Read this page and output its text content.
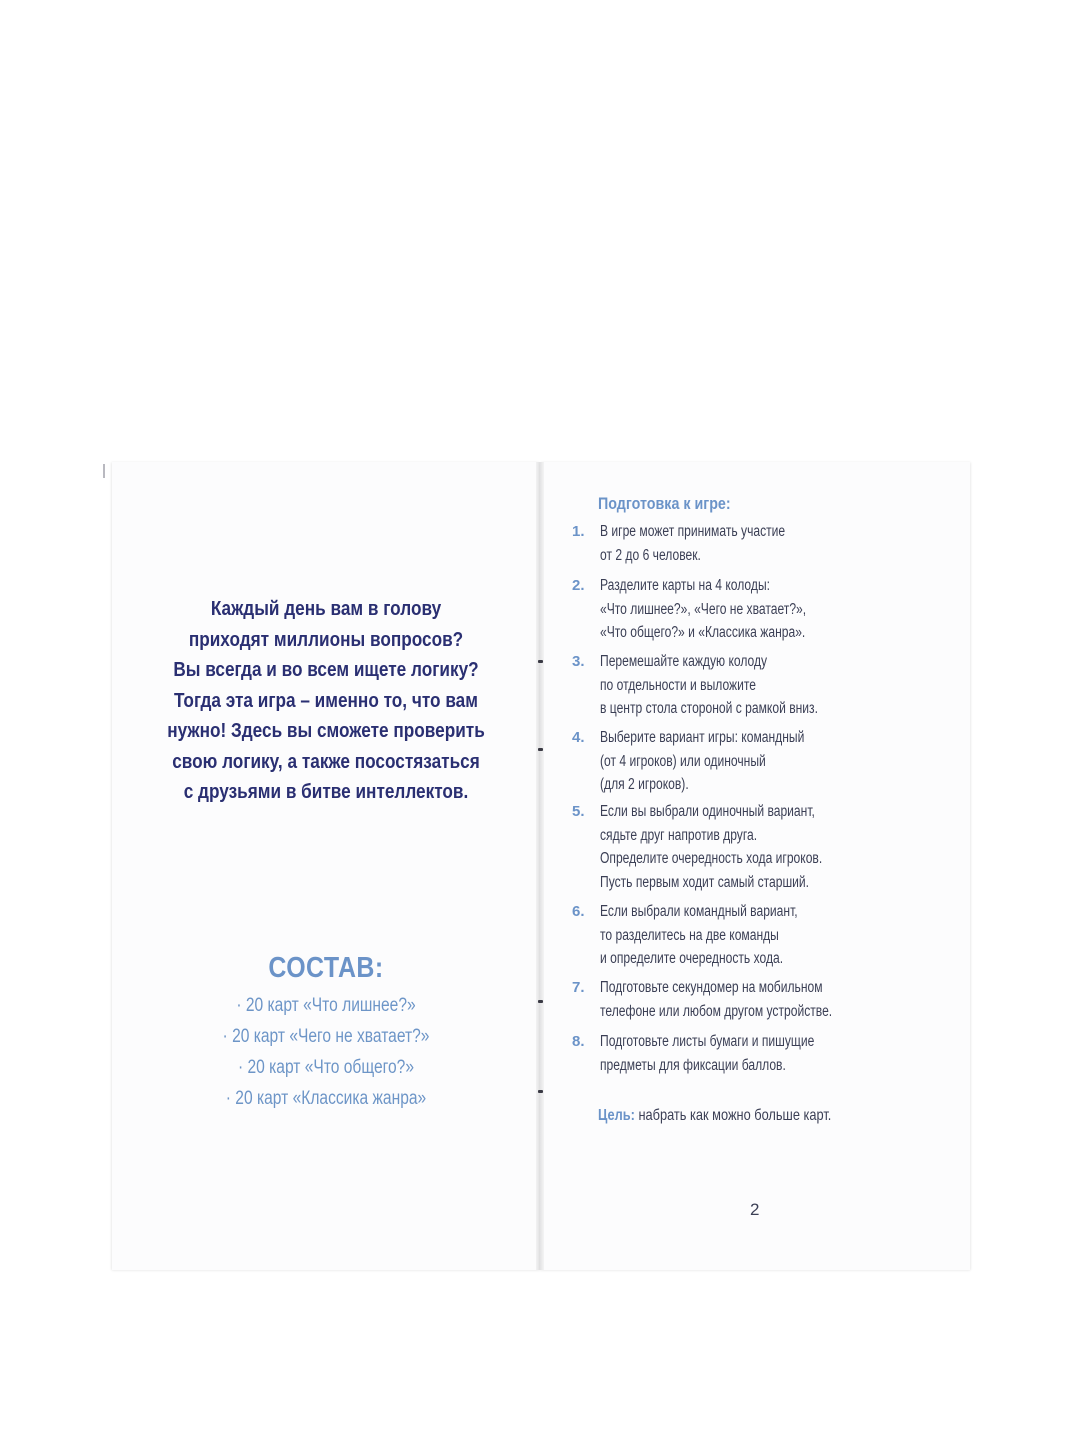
Каждый день вам в голову
приходят миллионы вопросов?
Вы всегда и во всем ищете логику?
Тогда эта игра – именно то, что вам
нужно! Здесь вы сможете проверить
свою логику, а также посостязаться
с друзьями в битве интеллектов.
СОСТАВ:
· 20 карт «Что лишнее?»
· 20 карт «Чего не хватает?»
· 20 карт «Что общего?»
· 20 карт «Классика жанра»
Подготовка к игре:
1. В игре может принимать участие
от 2 до 6 человек.
2. Разделите карты на 4 колоды:
«Что лишнее?», «Чего не хватает?»,
«Что общего?» и «Классика жанра».
3. Перемешайте каждую колоду
по отдельности и выложите
в центр стола стороной с рамкой вниз.
4. Выберите вариант игры: командный
(от 4 игроков) или одиночный
(для 2 игроков).
5. Если вы выбрали одиночный вариант,
сядьте друг напротив друга.
Определите очередность хода игроков.
Пусть первым ходит самый старший.
6. Если выбрали командный вариант,
то разделитесь на две команды
и определите очередность хода.
7. Подготовьте секундомер на мобильном
телефоне или любом другом устройстве.
8. Подготовьте листы бумаги и пишущие
предметы для фиксации баллов.
Цель: набрать как можно больше карт.
2
